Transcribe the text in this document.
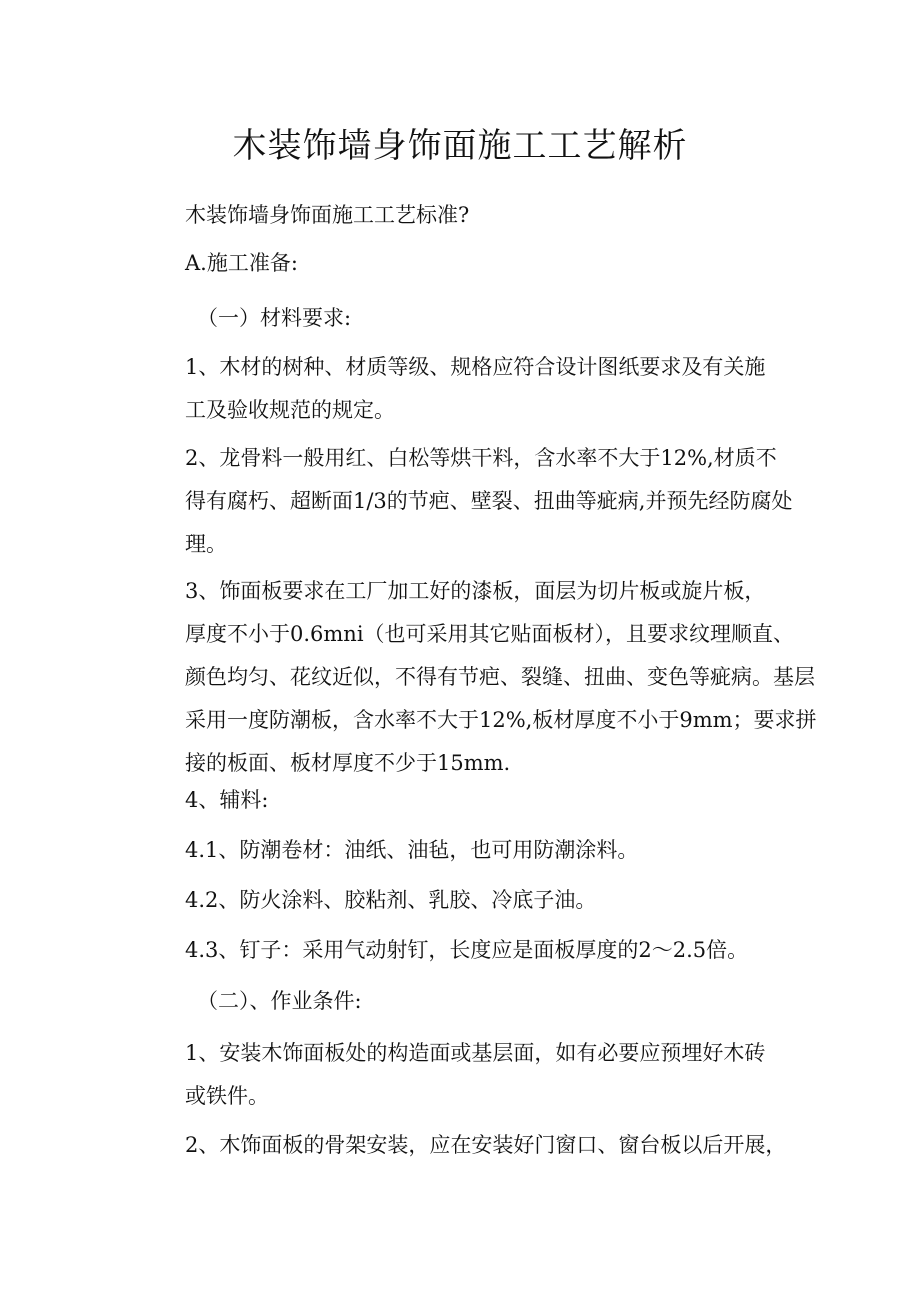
木装饰墙身饰面施工工艺解析

木装饰墙身饰面施工工艺标准?

A.施工准备:

（一）材料要求:

1、木材的树种、材质等级、规格应符合设计图纸要求及有关施
工及验收规范的规定。

2、龙骨料一般用红、白松等烘干料，含水率不大于12%,材质不
得有腐朽、超断面1/3的节疤、壁裂、扭曲等疵病,并预先经防腐处
理。

3、饰面板要求在工厂加工好的漆板，面层为切片板或旋片板，
厚度不小于0.6mni（也可采用其它贴面板材），且要求纹理顺直、
颜色均匀、花纹近似，不得有节疤、裂缝、扭曲、变色等疵病。基层
采用一度防潮板，含水率不大于12%,板材厚度不小于9mm；要求拼
接的板面、板材厚度不少于15mm.

4、辅料:

4.1、防潮卷材：油纸、油毡，也可用防潮涂料。

4.2、防火涂料、胶粘剂、乳胶、冷底子油。

4.3、钉子：采用气动射钉，长度应是面板厚度的2～2.5倍。

（二）、作业条件:

1、安装木饰面板处的构造面或基层面，如有必要应预埋好木砖
或铁件。

2、木饰面板的骨架安装，应在安装好门窗口、窗台板以后开展，
